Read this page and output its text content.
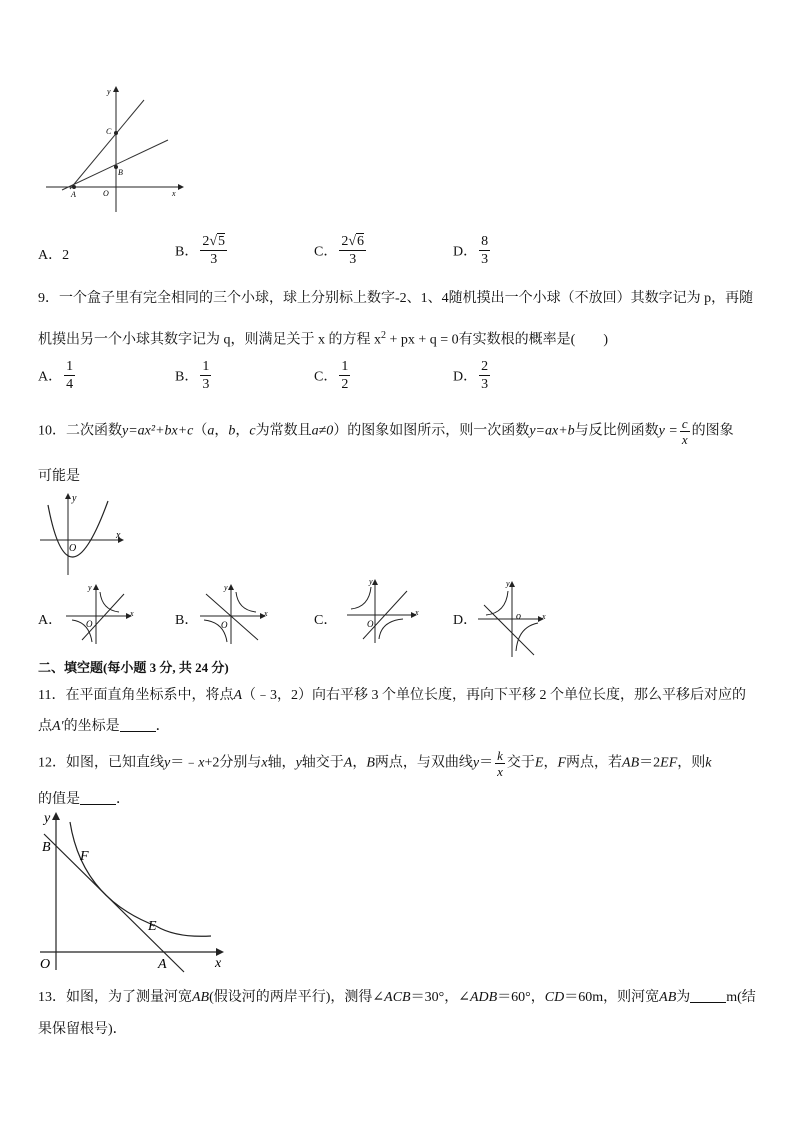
y
x
C
B
A	O
A．2	B． $\frac{2√5}{3}$	C． $\frac{2√6}{3}$	D． $\frac{8}{3}$
9．一个盒子里有完全相同的三个小球，球上分别标上数字-2、1、4随机摸出一个小球（不放回）其数字记为 p，再随
机摸出另一个小球其数字记为 q，则满足关于 x 的方程 $x^2$ + px + q = 0有实数根的概率是(　　)
A． $\frac{1}{4}$	B． $\frac{1}{3}$	C． $\frac{1}{2}$	D． $\frac{2}{3}$
10．二次函数y=ax²+bx+c（a，b，c为常数且a≠0）的图象如图所示，则一次函数y=ax+b与反比例函数$y = \frac{c}{x}$ 的图象
可能是
y
x
O
A．
y
x
O	B．
y
x
O	C．
y
x
O	D．
y
x
o
二、填空题(每小题 3 分, 共 24 分)
11．在平面直角坐标系中，将点A（﹣3，2）向右平移 3 个单位长度，再向下平移 2 个单位长度，那么平移后对应的
点A′的坐标是	．
12．如图，已知直线y＝﹣x+2分别与x轴，y轴交于A，B两点，与双曲线$y= \frac{k}{x}$ 交于E，F两点，若AB＝2EF，则k
的值是	．
y
x
O
B
F
E
A
13．如图，为了测量河宽AB(假设河的两岸平行)，测得∠ACB＝30°，∠ADB＝60°，CD＝60m，则河宽AB为	m(结
果保留根号)．
